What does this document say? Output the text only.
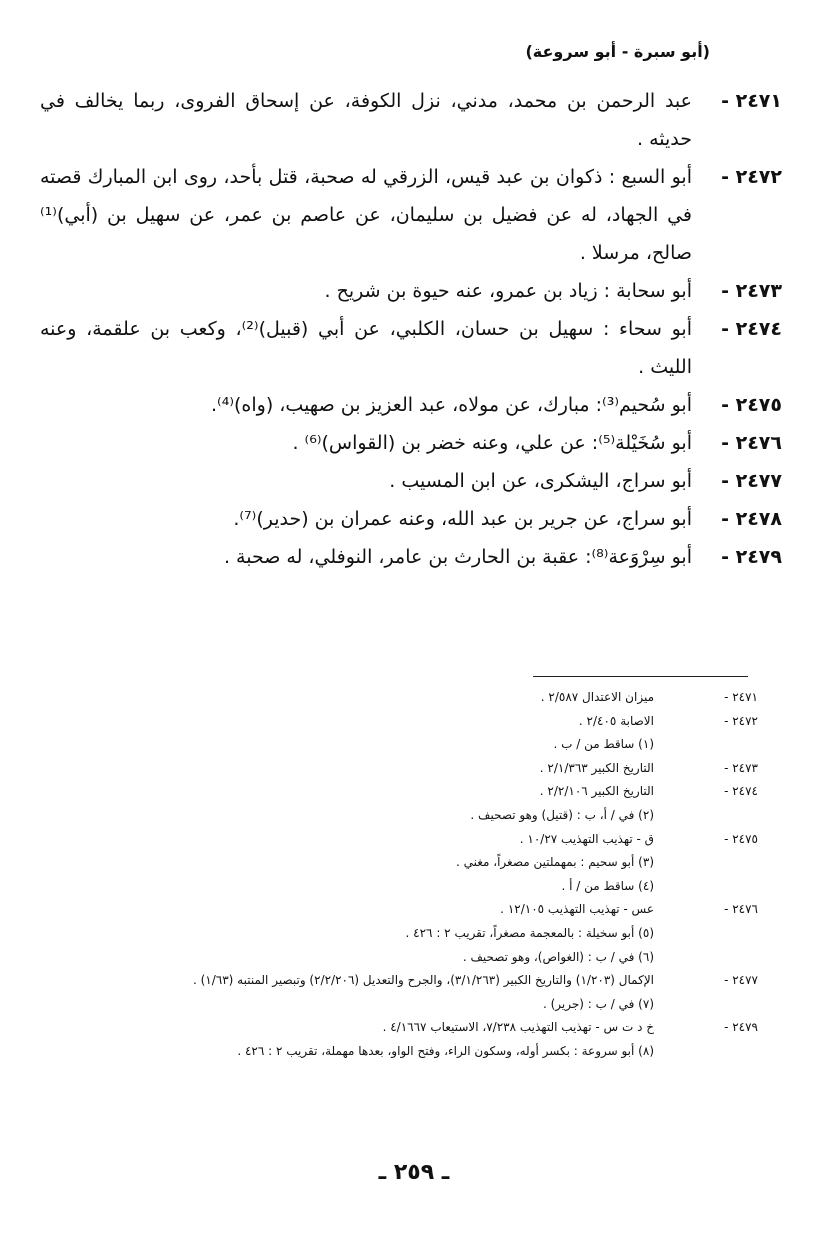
(أبو سبرة - أبو سروعة)
٢٤٧١ -
عبد الرحمن بن محمد، مدني، نزل الكوفة، عن إسحاق الفروى، ربما يخالف في حديثه .
٢٤٧٢ -
أبو السبع : ذكوان بن عبد قيس، الزرقي له صحبة، قتل بأحد، روى ابن المبارك قصته في الجهاد، له عن فضيل بن سليمان، عن عاصم بن عمر، عن سهيل بن (أبي)⁽¹⁾ صالح، مرسلا .
٢٤٧٣ -
أبو سحابة : زياد بن عمرو، عنه حيوة بن شريح .
٢٤٧٤ -
أبو سحاء : سهيل بن حسان، الكلبي، عن أبي (قبيل)⁽²⁾، وكعب بن علقمة، وعنه الليث .
٢٤٧٥ -
أبو سُحيم⁽³⁾: مبارك، عن مولاه، عبد العزيز بن صهيب، (واه)⁽⁴⁾.
٢٤٧٦ -
أبو سُخَيْلة⁽⁵⁾: عن علي، وعنه خضر بن (القواس)⁽⁶⁾ .
٢٤٧٧ -
أبو سراج، اليشكرى، عن ابن المسيب .
٢٤٧٨ -
أبو سراج، عن جرير بن عبد الله، وعنه عمران بن (حدير)⁽⁷⁾.
٢٤٧٩ -
أبو سِرْوَعة⁽⁸⁾: عقبة بن الحارث بن عامر، النوفلي، له صحبة .
٢٤٧١ -
ميزان الاعتدال ٢/٥٨٧ .
٢٤٧٢ -
الاصابة ٢/٤٠٥ .
(١) ساقط من / ب .
٢٤٧٣ -
التاريخ الكبير ٢/١/٣٦٣ .
٢٤٧٤ -
التاريخ الكبير ٢/٢/١٠٦ .
(٢) في / أ، ب : (قتيل) وهو تصحيف .
٢٤٧٥ -
ق - تهذيب التهذيب ١٠/٢٧ .
(٣) أبو سحيم : بمهملتين مصغراً، مغني .
(٤) ساقط من / أ .
٢٤٧٦ -
عس - تهذيب التهذيب ١٢/١٠٥ .
(٥) أبو سخيلة : بالمعجمة مصغراً، تقريب ٢ : ٤٢٦ .
(٦) في / ب : (الغواص)، وهو تصحيف .
٢٤٧٧ -
الإكمال (١/٢٠٣) والتاريخ الكبير (٣/١/٢٦٣)، والجرح والتعديل (٢/٢/٢٠٦) وتبصير المنتبه (١/٦٣) .
(٧) في / ب : (جرير) .
٢٤٧٩ -
خ د ت س - تهذيب التهذيب ٧/٢٣٨، الاستيعاب ٤/١٦٦٧ .
(٨) أبو سروعة : بكسر أوله، وسكون الراء، وفتح الواو، بعدها مهملة، تقريب ٢ : ٤٢٦ .
ـ ٢٥٩ ـ
